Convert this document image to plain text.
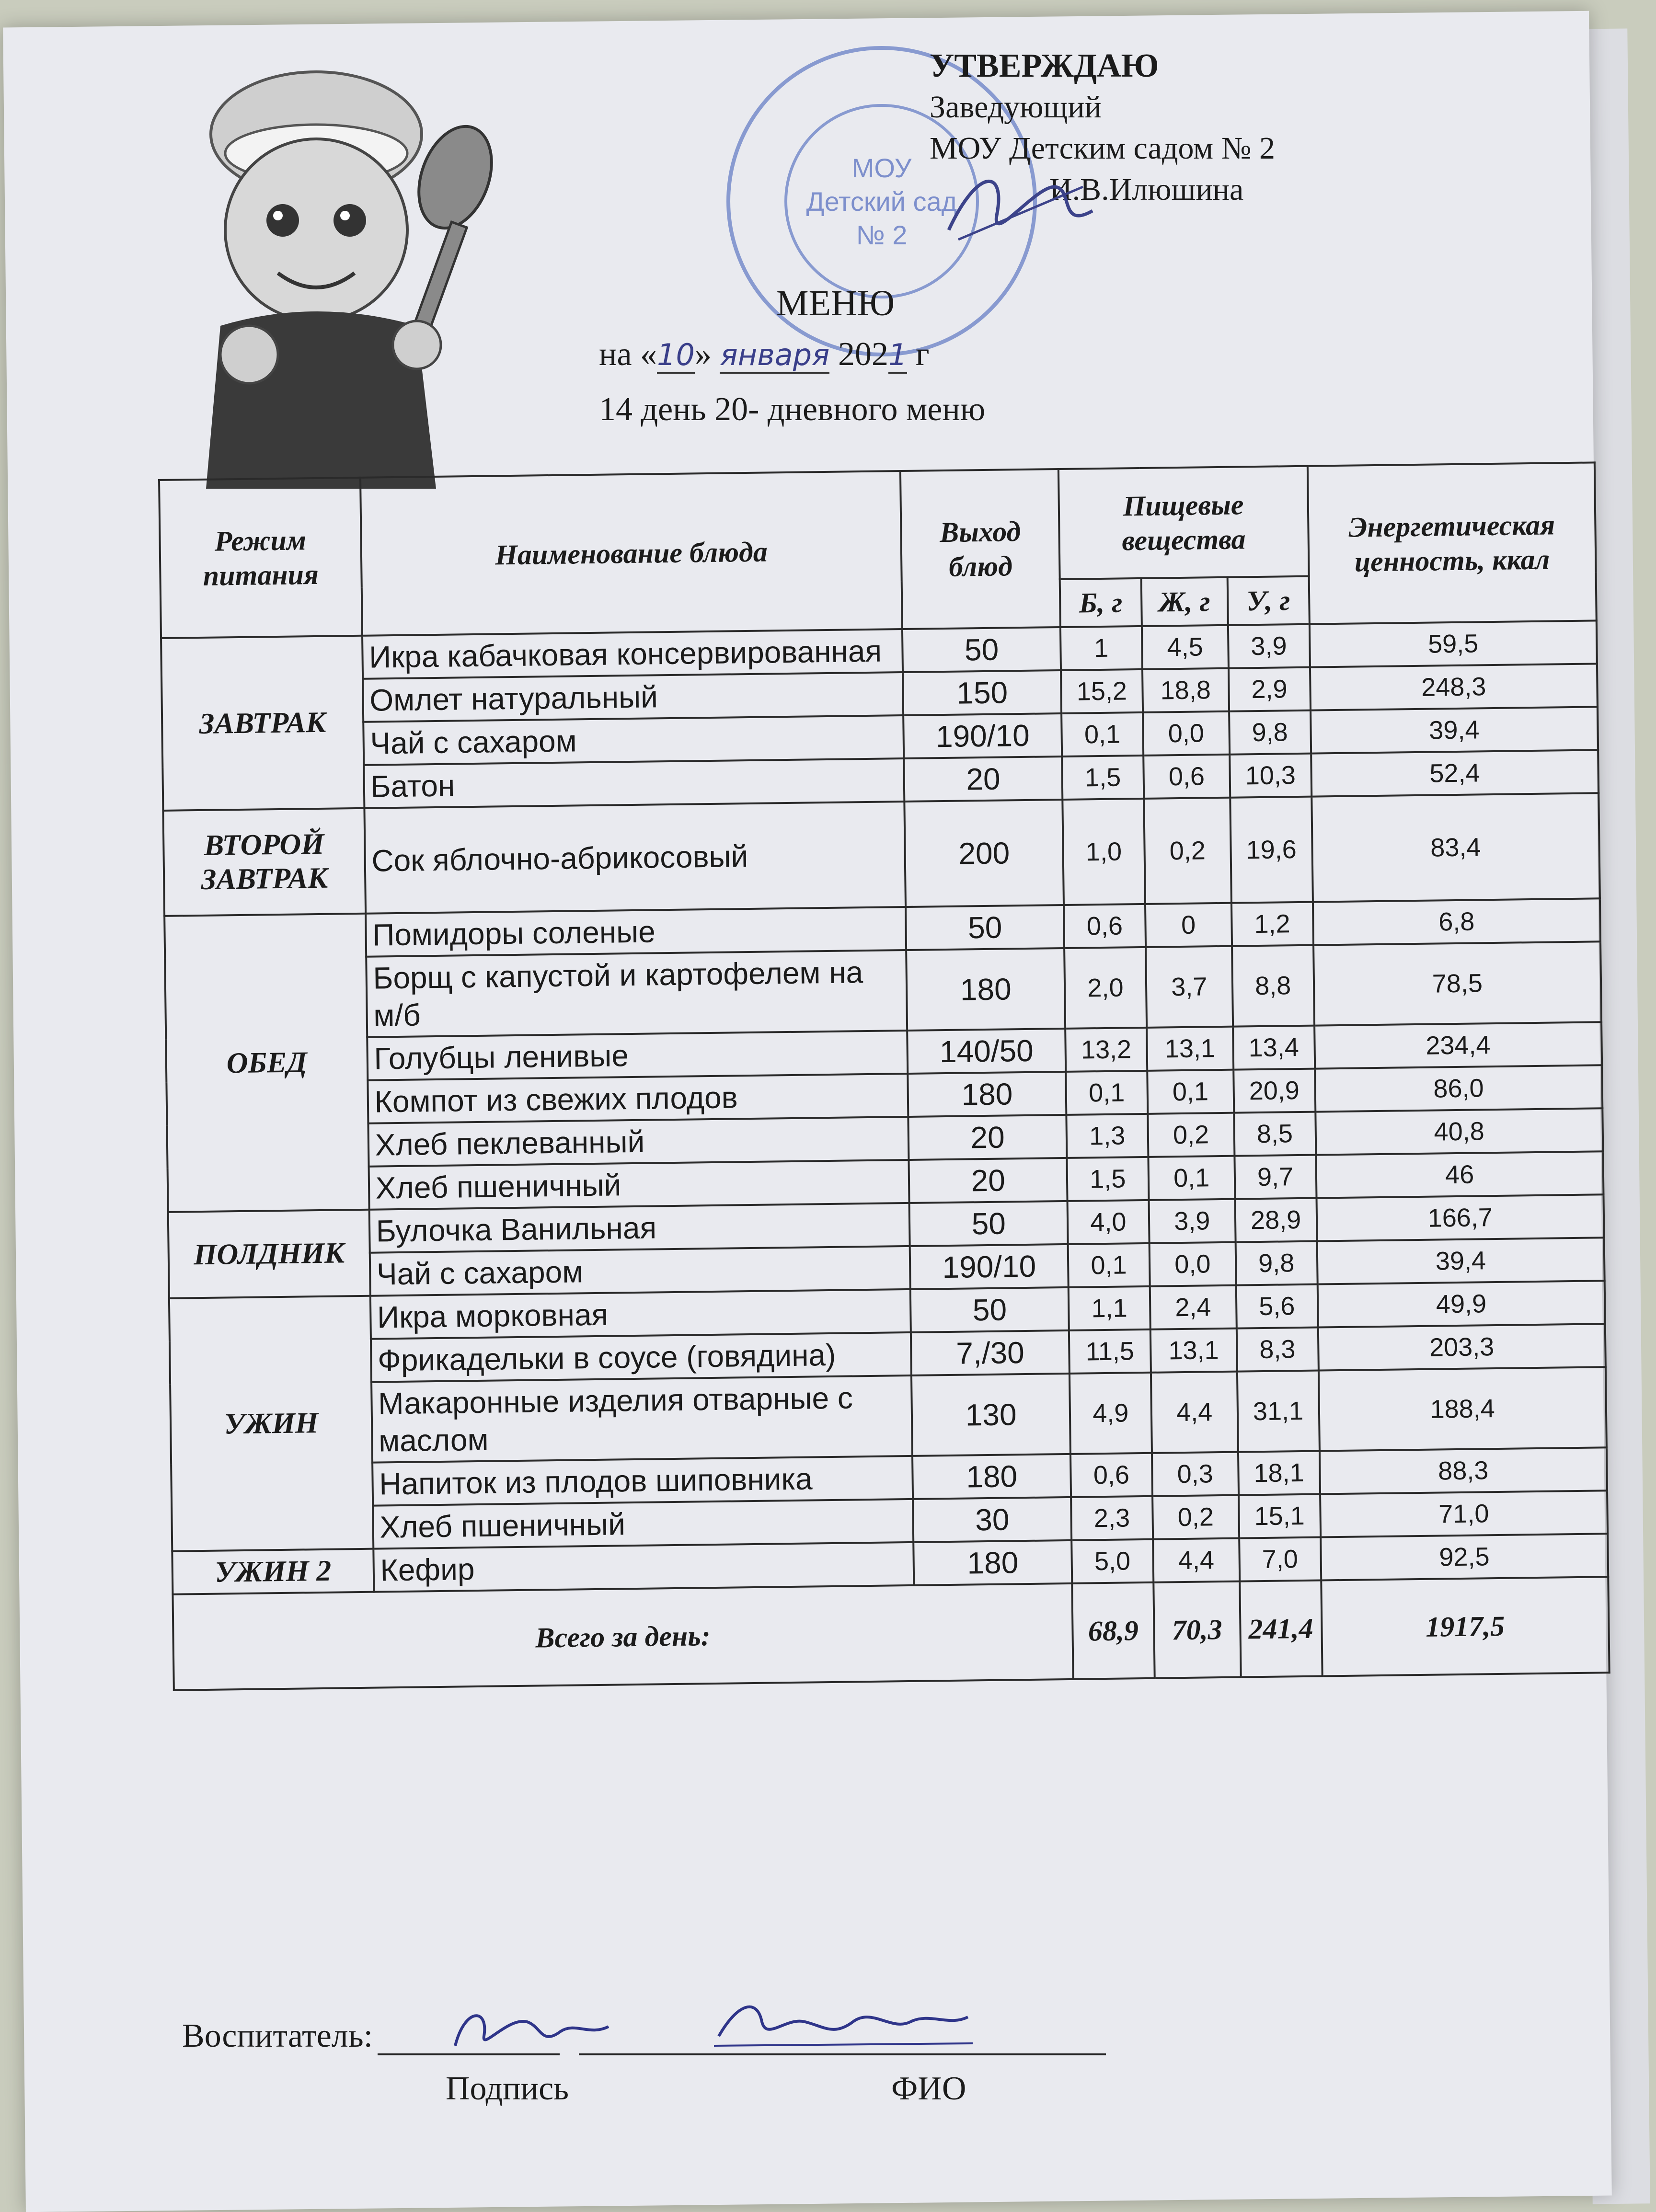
МОУ
Детский сад
№ 2
УТВЕРЖДАЮ
Заведующий
МОУ Детским садом № 2
И.В.Илюшина
МЕНЮ
на «10» января 2021 г
14 день 20- дневного меню
Режим питания	Наименование блюда	Выход блюд	Пищевые вещества			Энергетическая ценность, ккал
			Б, г	Ж, г	У, г	
ЗАВТРАК	Икра кабачковая консервированная	50	1	4,5	3,9	59,5
	Омлет натуральный	150	15,2	18,8	2,9	248,3
	Чай с сахаром	190/10	0,1	0,0	9,8	39,4
	Батон	20	1,5	0,6	10,3	52,4
ВТОРОЙ ЗАВТРАК	Сок яблочно-абрикосовый	200	1,0	0,2	19,6	83,4
ОБЕД	Помидоры соленые	50	0,6	0	1,2	6,8
	Борщ с капустой и картофелем на м/б	180	2,0	3,7	8,8	78,5
	Голубцы ленивые	140/50	13,2	13,1	13,4	234,4
	Компот из свежих плодов	180	0,1	0,1	20,9	86,0
	Хлеб пеклеванный	20	1,3	0,2	8,5	40,8
	Хлеб пшеничный	20	1,5	0,1	9,7	46
ПОЛДНИК	Булочка Ванильная	50	4,0	3,9	28,9	166,7
	Чай с сахаром	190/10	0,1	0,0	9,8	39,4
УЖИН	Икра морковная	50	1,1	2,4	5,6	49,9
	Фрикадельки в соусе (говядина)	7,/30	11,5	13,1	8,3	203,3
	Макаронные изделия отварные с маслом	130	4,9	4,4	31,1	188,4
	Напиток из плодов шиповника	180	0,6	0,3	18,1	88,3
	Хлеб пшеничный	30	2,3	0,2	15,1	71,0
УЖИН 2	Кефир	180	5,0	4,4	7,0	92,5
Всего за день:			68,9	70,3	241,4	1917,5
Воспитатель:
Подпись	ФИО
